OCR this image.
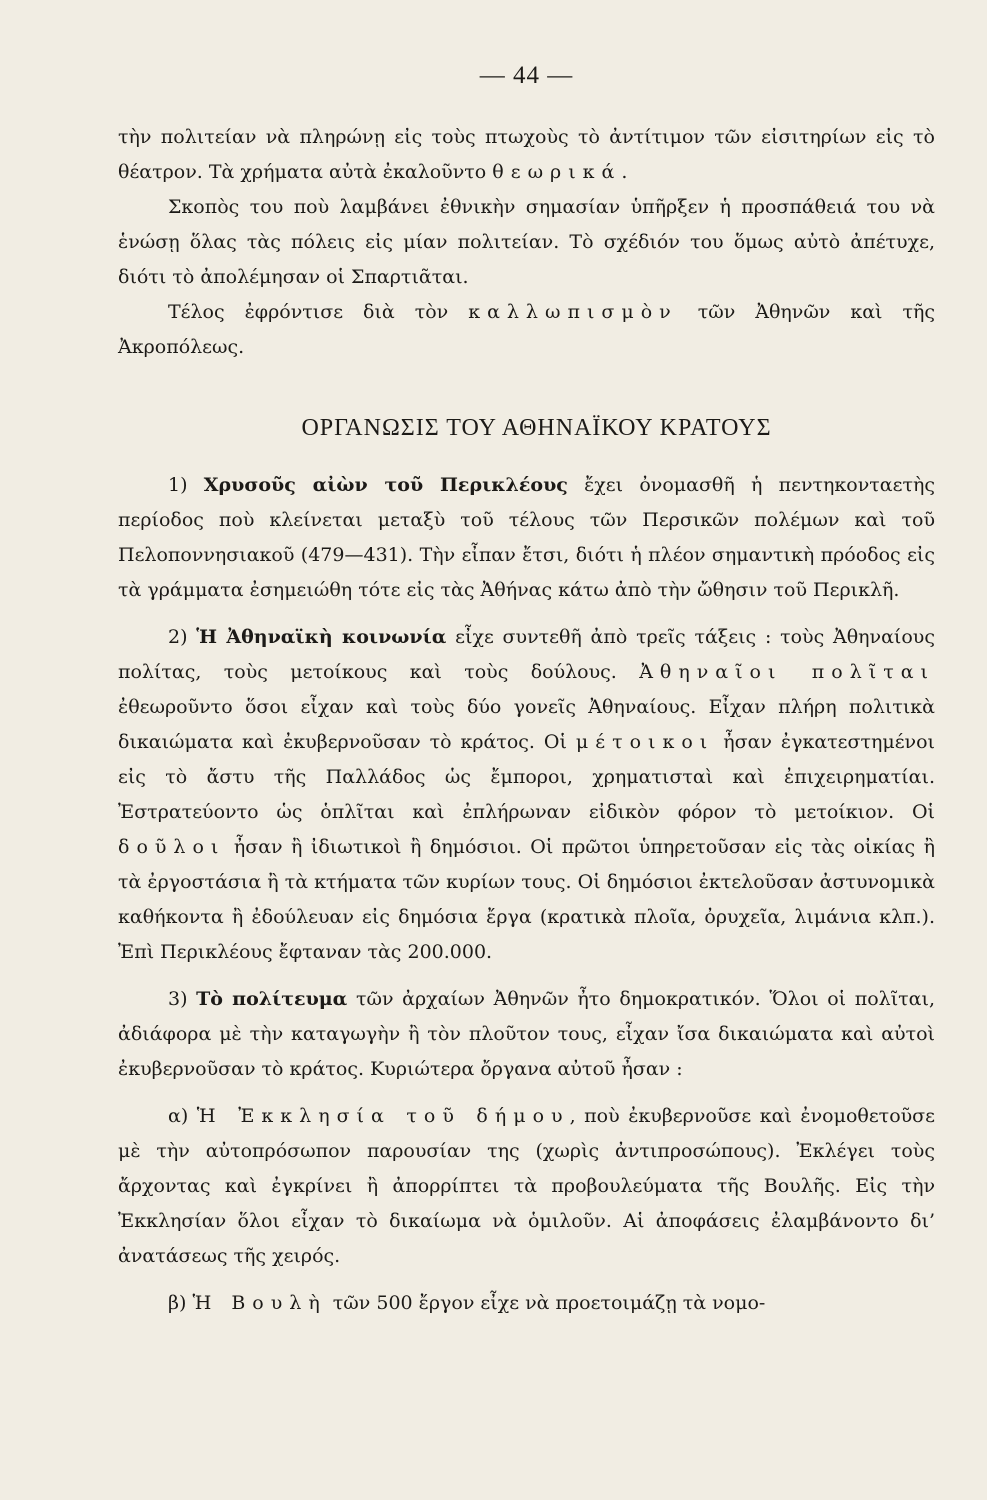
— 44 —

τὴν πολιτείαν νὰ πληρώνῃ εἰς τοὺς πτωχοὺς τὸ ἀντίτιμον τῶν εἰσιτηρίων εἰς τὸ θέατρον. Τὰ χρήματα αὐτὰ ἐκαλοῦντο θεωρικά.

Σκοπὸς του ποὺ λαμβάνει ἐθνικὴν σημασίαν ὑπῆρξεν ἡ προσπάθειά του νὰ ἑνώσῃ ὅλας τὰς πόλεις εἰς μίαν πολιτείαν. Τὸ σχέδιόν του ὅμως αὐτὸ ἀπέτυχε, διότι τὸ ἀπολέμησαν οἱ Σπαρτιᾶται.

Τέλος ἐφρόντισε διὰ τὸν καλλωπισμὸν τῶν Ἀθηνῶν καὶ τῆς Ἀκροπόλεως.

ΟΡΓΑΝΩΣΙΣ ΤΟΥ ΑΘΗΝΑΪΚΟΥ ΚΡΑΤΟΥΣ

1) Χρυσοῦς αἰὼν τοῦ Περικλέους ἔχει ὀνομασθῆ ἡ πεντηκονταετὴς περίοδος ποὺ κλείνεται μεταξὺ τοῦ τέλους τῶν Περσικῶν πολέμων καὶ τοῦ Πελοποννησιακοῦ (479—431). Τὴν εἶπαν ἔτσι, διότι ἡ πλέον σημαντικὴ πρόοδος εἰς τὰ γράμματα ἐσημειώθη τότε εἰς τὰς Ἀθήνας κάτω ἀπὸ τὴν ὤθησιν τοῦ Περικλῆ.

2) Ἡ Ἀθηναϊκὴ κοινωνία εἶχε συντεθῆ ἀπὸ τρεῖς τάξεις : τοὺς Ἀθηναίους πολίτας, τοὺς μετοίκους καὶ τοὺς δούλους. Ἀθηναῖοι πολῖται ἐθεωροῦντο ὅσοι εἶχαν καὶ τοὺς δύο γονεῖς Ἀθηναίους. Εἶχαν πλήρη πολιτικὰ δικαιώματα καὶ ἐκυβερνοῦσαν τὸ κράτος. Οἱ μέτοικοι ἦσαν ἐγκατεστημένοι εἰς τὸ ἄστυ τῆς Παλλάδος ὡς ἔμποροι, χρηματισταὶ καὶ ἐπιχειρηματίαι. Ἐστρατεύοντο ὡς ὁπλῖται καὶ ἐπλήρωναν εἰδικὸν φόρον τὸ μετοίκιον. Οἱ δοῦλοι ἦσαν ἢ ἰδιωτικοὶ ἢ δημόσιοι. Οἱ πρῶτοι ὑπηρετοῦσαν εἰς τὰς οἰκίας ἢ τὰ ἐργοστάσια ἢ τὰ κτήματα τῶν κυρίων τους. Οἱ δημόσιοι ἐκτελοῦσαν ἀστυνομικὰ καθήκοντα ἢ ἐδούλευαν εἰς δημόσια ἔργα (κρατικὰ πλοῖα, ὀρυχεῖα, λιμάνια κλπ.). Ἐπὶ Περικλέους ἔφταναν τὰς 200.000.

3) Τὸ πολίτευμα τῶν ἀρχαίων Ἀθηνῶν ἦτο δημοκρατικόν. Ὅλοι οἱ πολῖται, ἀδιάφορα μὲ τὴν καταγωγὴν ἢ τὸν πλοῦτον τους, εἶχαν ἴσα δικαιώματα καὶ αὐτοὶ ἐκυβερνοῦσαν τὸ κράτος. Κυριώτερα ὄργανα αὐτοῦ ἦσαν :

α) Ἡ Ἐκκλησία τοῦ δήμου, ποὺ ἐκυβερνοῦσε καὶ ἐνομοθετοῦσε μὲ τὴν αὐτοπρόσωπον παρουσίαν της (χωρὶς ἀντιπροσώπους). Ἐκλέγει τοὺς ἄρχοντας καὶ ἐγκρίνει ἢ ἀπορρίπτει τὰ προβουλεύματα τῆς Βουλῆς. Εἰς τὴν Ἐκκλησίαν ὅλοι εἶχαν τὸ δικαίωμα νὰ ὁμιλοῦν. Αἱ ἀποφάσεις ἐλαμβάνοντο δι’ ἀνατάσεως τῆς χειρός.

β) Ἡ Βουλὴ τῶν 500 ἔργον εἶχε νὰ προετοιμάζῃ τὰ νομο-
